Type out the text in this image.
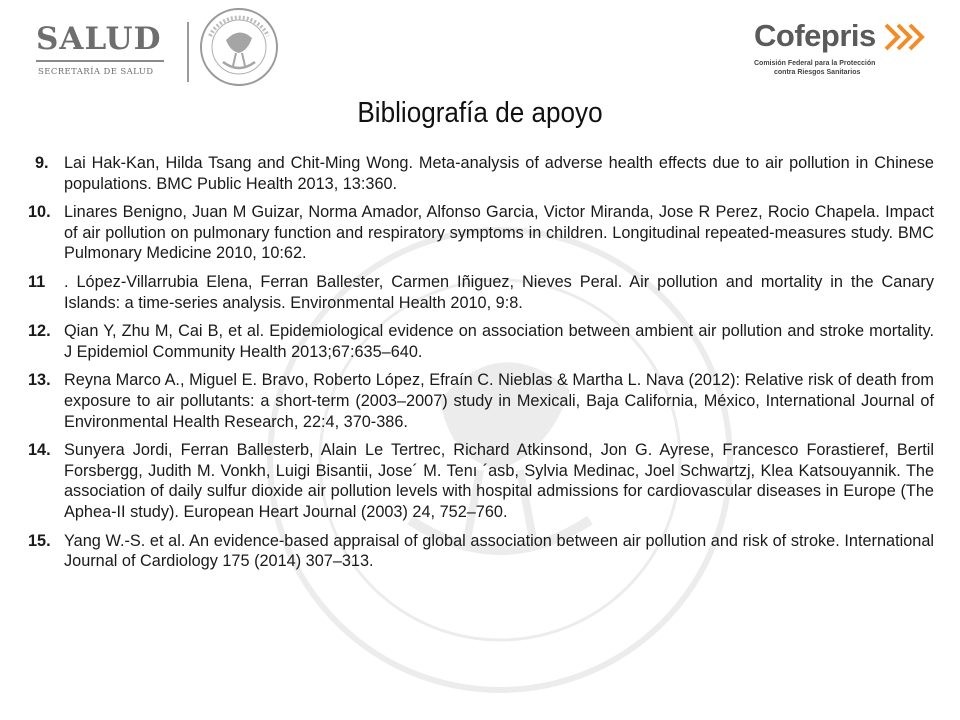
SALUD
SECRETARÍA DE SALUD
Cofepris
Comisión Federal para la Protección
contra Riesgos Sanitarios
Bibliografía de apoyo
9. Lai Hak-Kan, Hilda Tsang and Chit-Ming Wong. Meta-analysis of adverse health effects due to air pollution in Chinese populations. BMC Public Health 2013, 13:360.
10. Linares Benigno, Juan M Guizar, Norma Amador, Alfonso Garcia, Victor Miranda, Jose R Perez, Rocio Chapela. Impact of air pollution on pulmonary function and respiratory symptoms in children. Longitudinal repeated-measures study. BMC Pulmonary Medicine 2010, 10:62.
11 . López-Villarrubia Elena, Ferran Ballester, Carmen Iñiguez, Nieves Peral. Air pollution and mortality in the Canary Islands: a time-series analysis. Environmental Health 2010, 9:8.
12. Qian Y, Zhu M, Cai B, et al. Epidemiological evidence on association between ambient air pollution and stroke mortality. J Epidemiol Community Health 2013;67:635–640.
13. Reyna Marco A., Miguel E. Bravo, Roberto López, Efraín C. Nieblas & Martha L. Nava (2012): Relative risk of death from exposure to air pollutants: a short-term (2003–2007) study in Mexicali, Baja California, México, International Journal of Environmental Health Research, 22:4, 370-386.
14. Sunyera Jordi, Ferran Ballesterb, Alain Le Tertrec, Richard Atkinsond, Jon G. Ayrese, Francesco Forastieref, Bertil Forsbergg, Judith M. Vonkh, Luigi Bisantii, Jose´ M. Tenı ´asb, Sylvia Medinac, Joel Schwartzj, Klea Katsouyannik. The association of daily sulfur dioxide air pollution levels with hospital admissions for cardiovascular diseases in Europe (The Aphea-II study). European Heart Journal (2003) 24, 752–760.
15. Yang W.-S. et al. An evidence-based appraisal of global association between air pollution and risk of stroke. International Journal of Cardiology 175 (2014) 307–313.
